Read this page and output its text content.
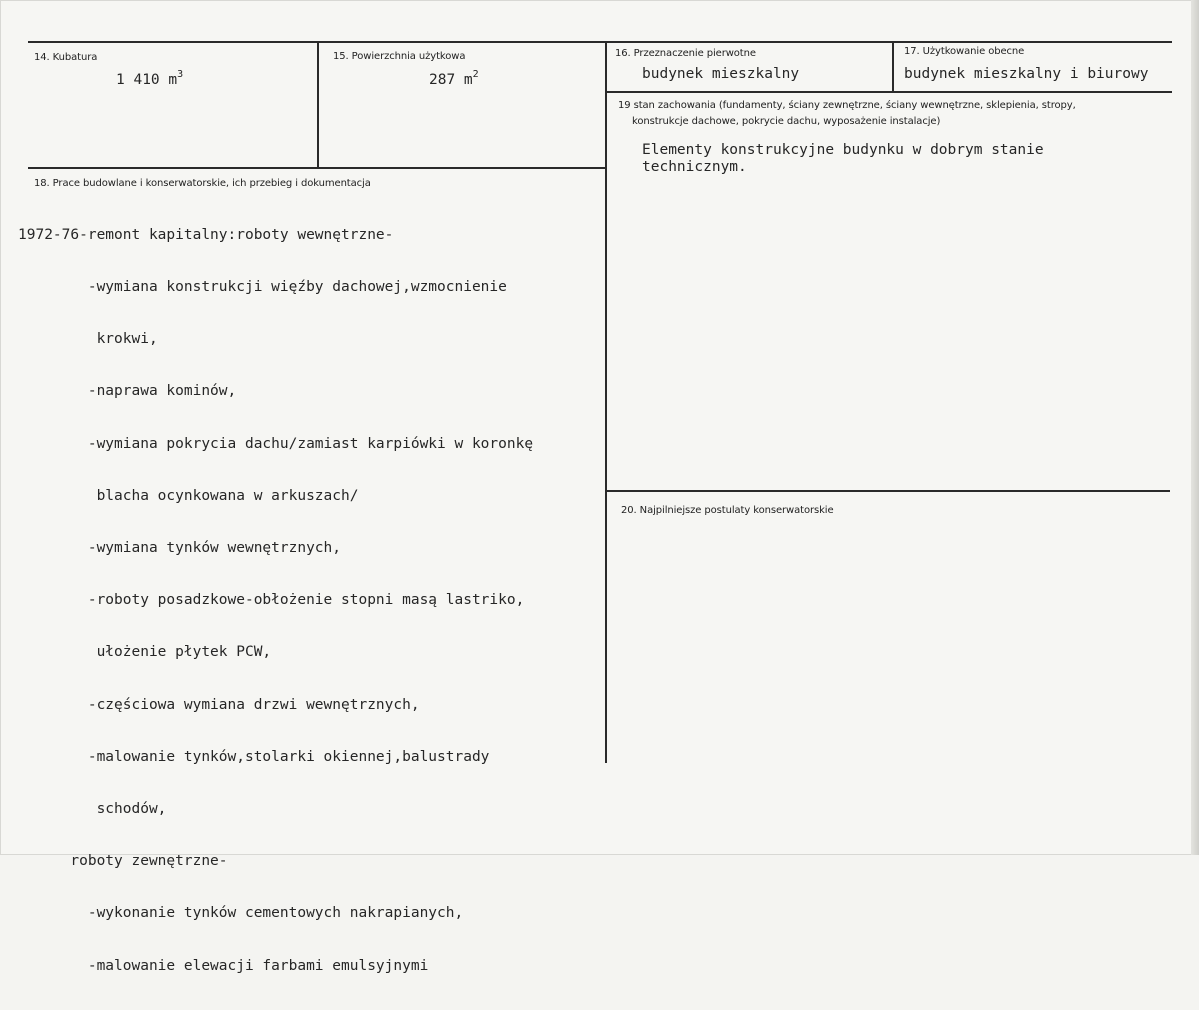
14. Kubatura
1 410 $m^3$
15. Powierzchnia użytkowa
287 $m^2$
16. Przeznaczenie pierwotne
budynek mieszkalny
17. Użytkowanie obecne
budynek mieszkalny i biurowy
19 stan zachowania (fundamenty, ściany zewnętrzne, ściany wewnętrzne, sklepienia, stropy,
konstrukcje dachowe, pokrycie dachu, wyposażenie instalacje)
Elementy konstrukcyjne budynku w dobrym stanie
technicznym.
18. Prace budowlane i konserwatorskie, ich przebieg i dokumentacja

1972-76-remont kapitalny:roboty wewnętrzne-

-wymiana konstrukcji więźby dachowej,wzmocnienie

krokwi,

-naprawa kominów,

-wymiana pokrycia dachu/zamiast karpiówki w koronkę

blacha ocynkowana w arkuszach/

-wymiana tynków wewnętrznych,

-roboty posadzkowe-obłożenie stopni masą lastriko,

ułożenie płytek PCW,

-częściowa wymiana drzwi wewnętrznych,

-malowanie tynków,stolarki okiennej,balustrady

schodów,

roboty zewnętrzne-

-wykonanie tynków cementowych nakrapianych,

-malowanie elewacji farbami emulsyjnymi

20. Najpilniejsze postulaty konserwatorskie
